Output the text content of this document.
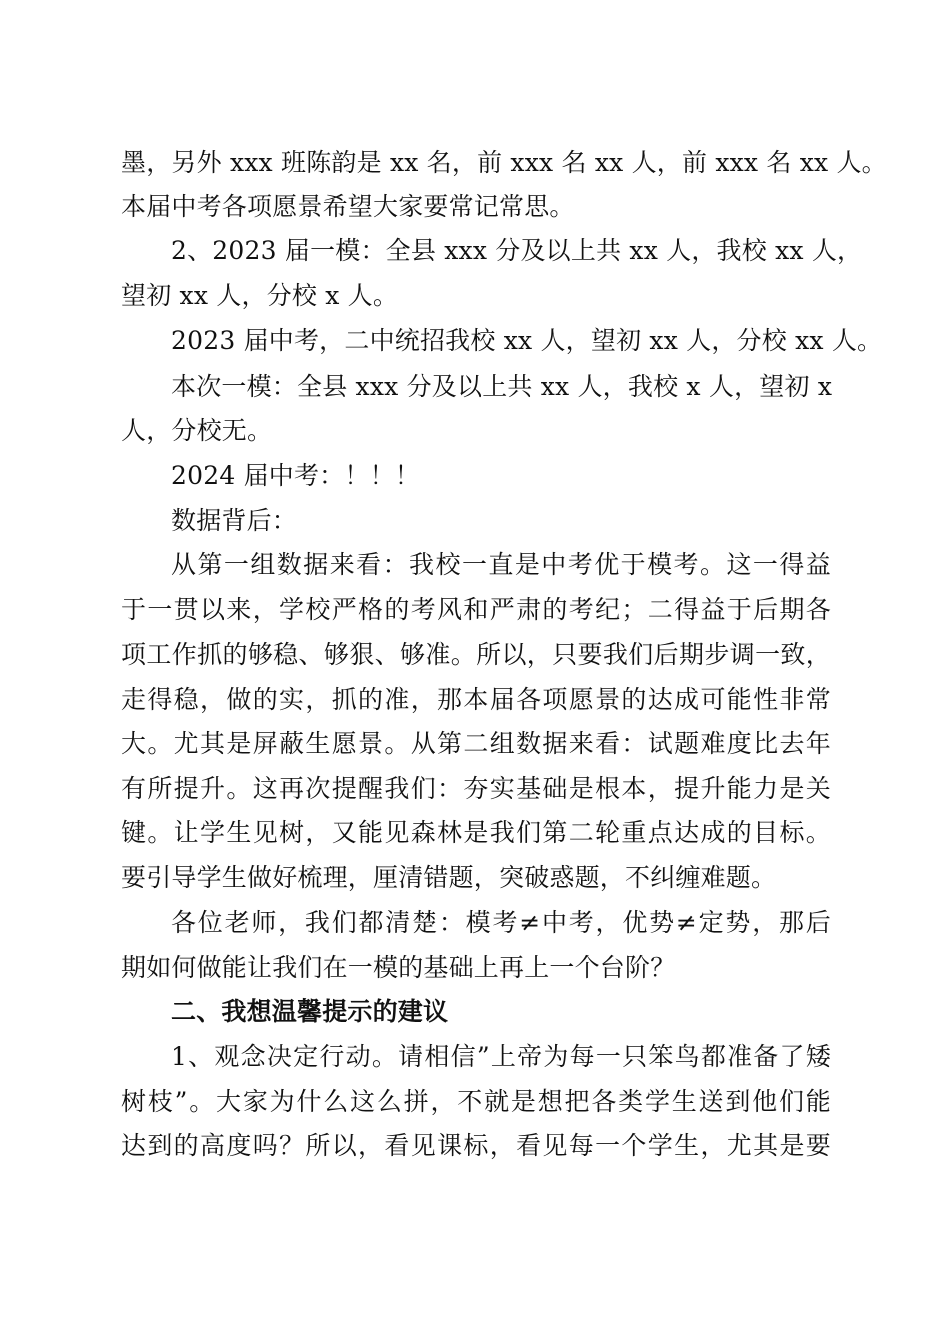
墨，另外 xxx 班陈韵是 xx 名，前 xxx 名 xx 人，前 xxx 名 xx 人。
本届中考各项愿景希望大家要常记常思。
2、2023 届一模：全县 xxx 分及以上共 xx 人，我校 xx 人，
望初 xx 人，分校 x 人。
2023 届中考，二中统招我校 xx 人，望初 xx 人，分校 xx 人。
本次一模：全县 xxx 分及以上共 xx 人，我校 x 人，望初 x
人，分校无。
2024 届中考：！！！
数据背后：
从第一组数据来看：我校一直是中考优于模考。这一得益
于一贯以来，学校严格的考风和严肃的考纪；二得益于后期各
项工作抓的够稳、够狠、够准。所以，只要我们后期步调一致，
走得稳，做的实，抓的准，那本届各项愿景的达成可能性非常
大。尤其是屏蔽生愿景。从第二组数据来看：试题难度比去年
有所提升。这再次提醒我们：夯实基础是根本，提升能力是关
键。让学生见树，又能见森林是我们第二轮重点达成的目标。
要引导学生做好梳理，厘清错题，突破惑题，不纠缠难题。
各位老师，我们都清楚：模考≠中考，优势≠定势，那后
期如何做能让我们在一模的基础上再上一个台阶？
二、我想温馨提示的建议
1、观念决定行动。请相信”上帝为每一只笨鸟都准备了矮
树枝”。大家为什么这么拼，不就是想把各类学生送到他们能
达到的高度吗？所以，看见课标，看见每一个学生，尤其是要
